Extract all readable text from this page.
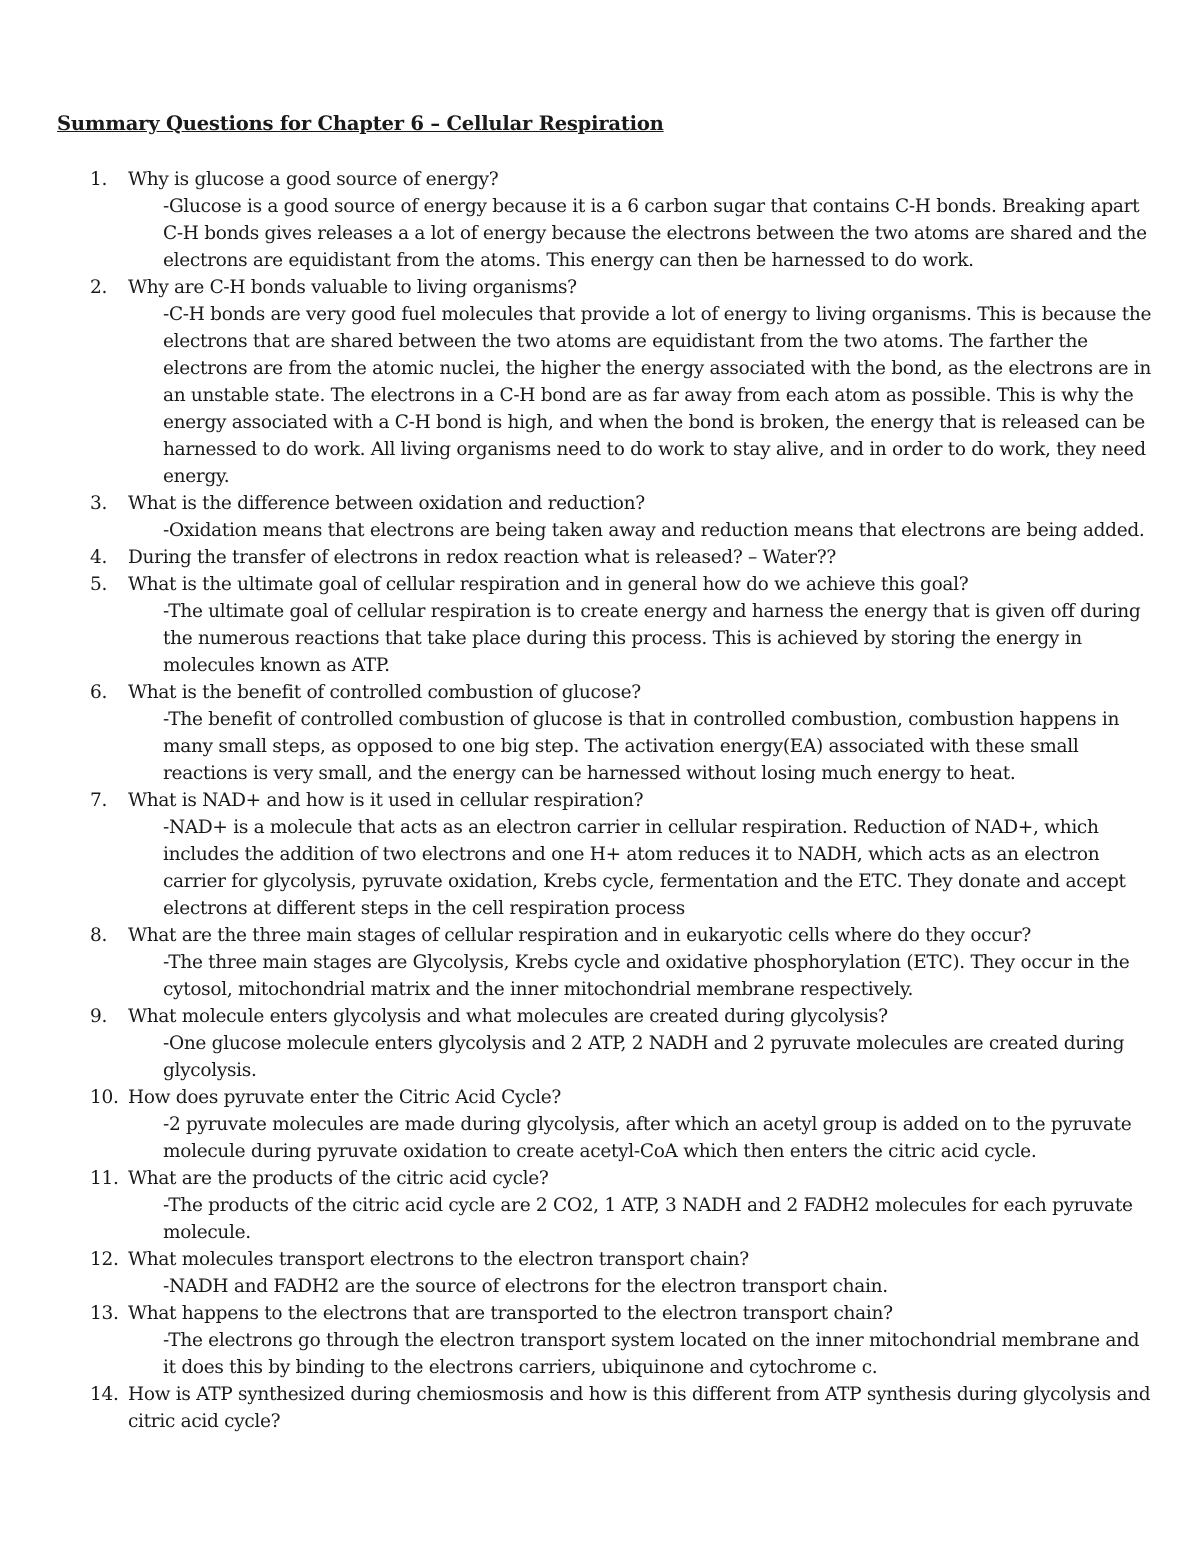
Summary Questions for Chapter 6 – Cellular Respiration
1. Why is glucose a good source of energy?
-Glucose is a good source of energy because it is a 6 carbon sugar that contains C-H bonds. Breaking apart C-H bonds gives releases a a lot of energy because the electrons between the two atoms are shared and the electrons are equidistant from the atoms. This energy can then be harnessed to do work.
2. Why are C-H bonds valuable to living organisms?
-C-H bonds are very good fuel molecules that provide a lot of energy to living organisms. This is because the electrons that are shared between the two atoms are equidistant from the two atoms. The farther the electrons are from the atomic nuclei, the higher the energy associated with the bond, as the electrons are in an unstable state. The electrons in a C-H bond are as far away from each atom as possible. This is why the energy associated with a C-H bond is high, and when the bond is broken, the energy that is released can be harnessed to do work. All living organisms need to do work to stay alive, and in order to do work, they need energy.
3. What is the difference between oxidation and reduction?
-Oxidation means that electrons are being taken away and reduction means that electrons are being added.
4. During the transfer of electrons in redox reaction what is released? – Water??
5. What is the ultimate goal of cellular respiration and in general how do we achieve this goal?
-The ultimate goal of cellular respiration is to create energy and harness the energy that is given off during the numerous reactions that take place during this process. This is achieved by storing the energy in molecules known as ATP.
6. What is the benefit of controlled combustion of glucose?
-The benefit of controlled combustion of glucose is that in controlled combustion, combustion happens in many small steps, as opposed to one big step. The activation energy(EA) associated with these small reactions is very small, and the energy can be harnessed without losing much energy to heat.
7. What is NAD+ and how is it used in cellular respiration?
-NAD+ is a molecule that acts as an electron carrier in cellular respiration. Reduction of NAD+, which includes the addition of two electrons and one H+ atom reduces it to NADH, which acts as an electron carrier for glycolysis, pyruvate oxidation, Krebs cycle, fermentation and the ETC. They donate and accept electrons at different steps in the cell respiration process
8. What are the three main stages of cellular respiration and in eukaryotic cells where do they occur?
-The three main stages are Glycolysis, Krebs cycle and oxidative phosphorylation (ETC). They occur in the cytosol, mitochondrial matrix and the inner mitochondrial membrane respectively.
9. What molecule enters glycolysis and what molecules are created during glycolysis?
-One glucose molecule enters glycolysis and 2 ATP, 2 NADH and 2 pyruvate molecules are created during glycolysis.
10. How does pyruvate enter the Citric Acid Cycle?
-2 pyruvate molecules are made during glycolysis, after which an acetyl group is added on to the pyruvate molecule during pyruvate oxidation to create acetyl-CoA which then enters the citric acid cycle.
11. What are the products of the citric acid cycle?
-The products of the citric acid cycle are 2 CO2, 1 ATP, 3 NADH and 2 FADH2 molecules for each pyruvate molecule.
12. What molecules transport electrons to the electron transport chain?
-NADH and FADH2 are the source of electrons for the electron transport chain.
13. What happens to the electrons that are transported to the electron transport chain?
-The electrons go through the electron transport system located on the inner mitochondrial membrane and it does this by binding to the electrons carriers, ubiquinone and cytochrome c.
14. How is ATP synthesized during chemiosmosis and how is this different from ATP synthesis during glycolysis and citric acid cycle?
